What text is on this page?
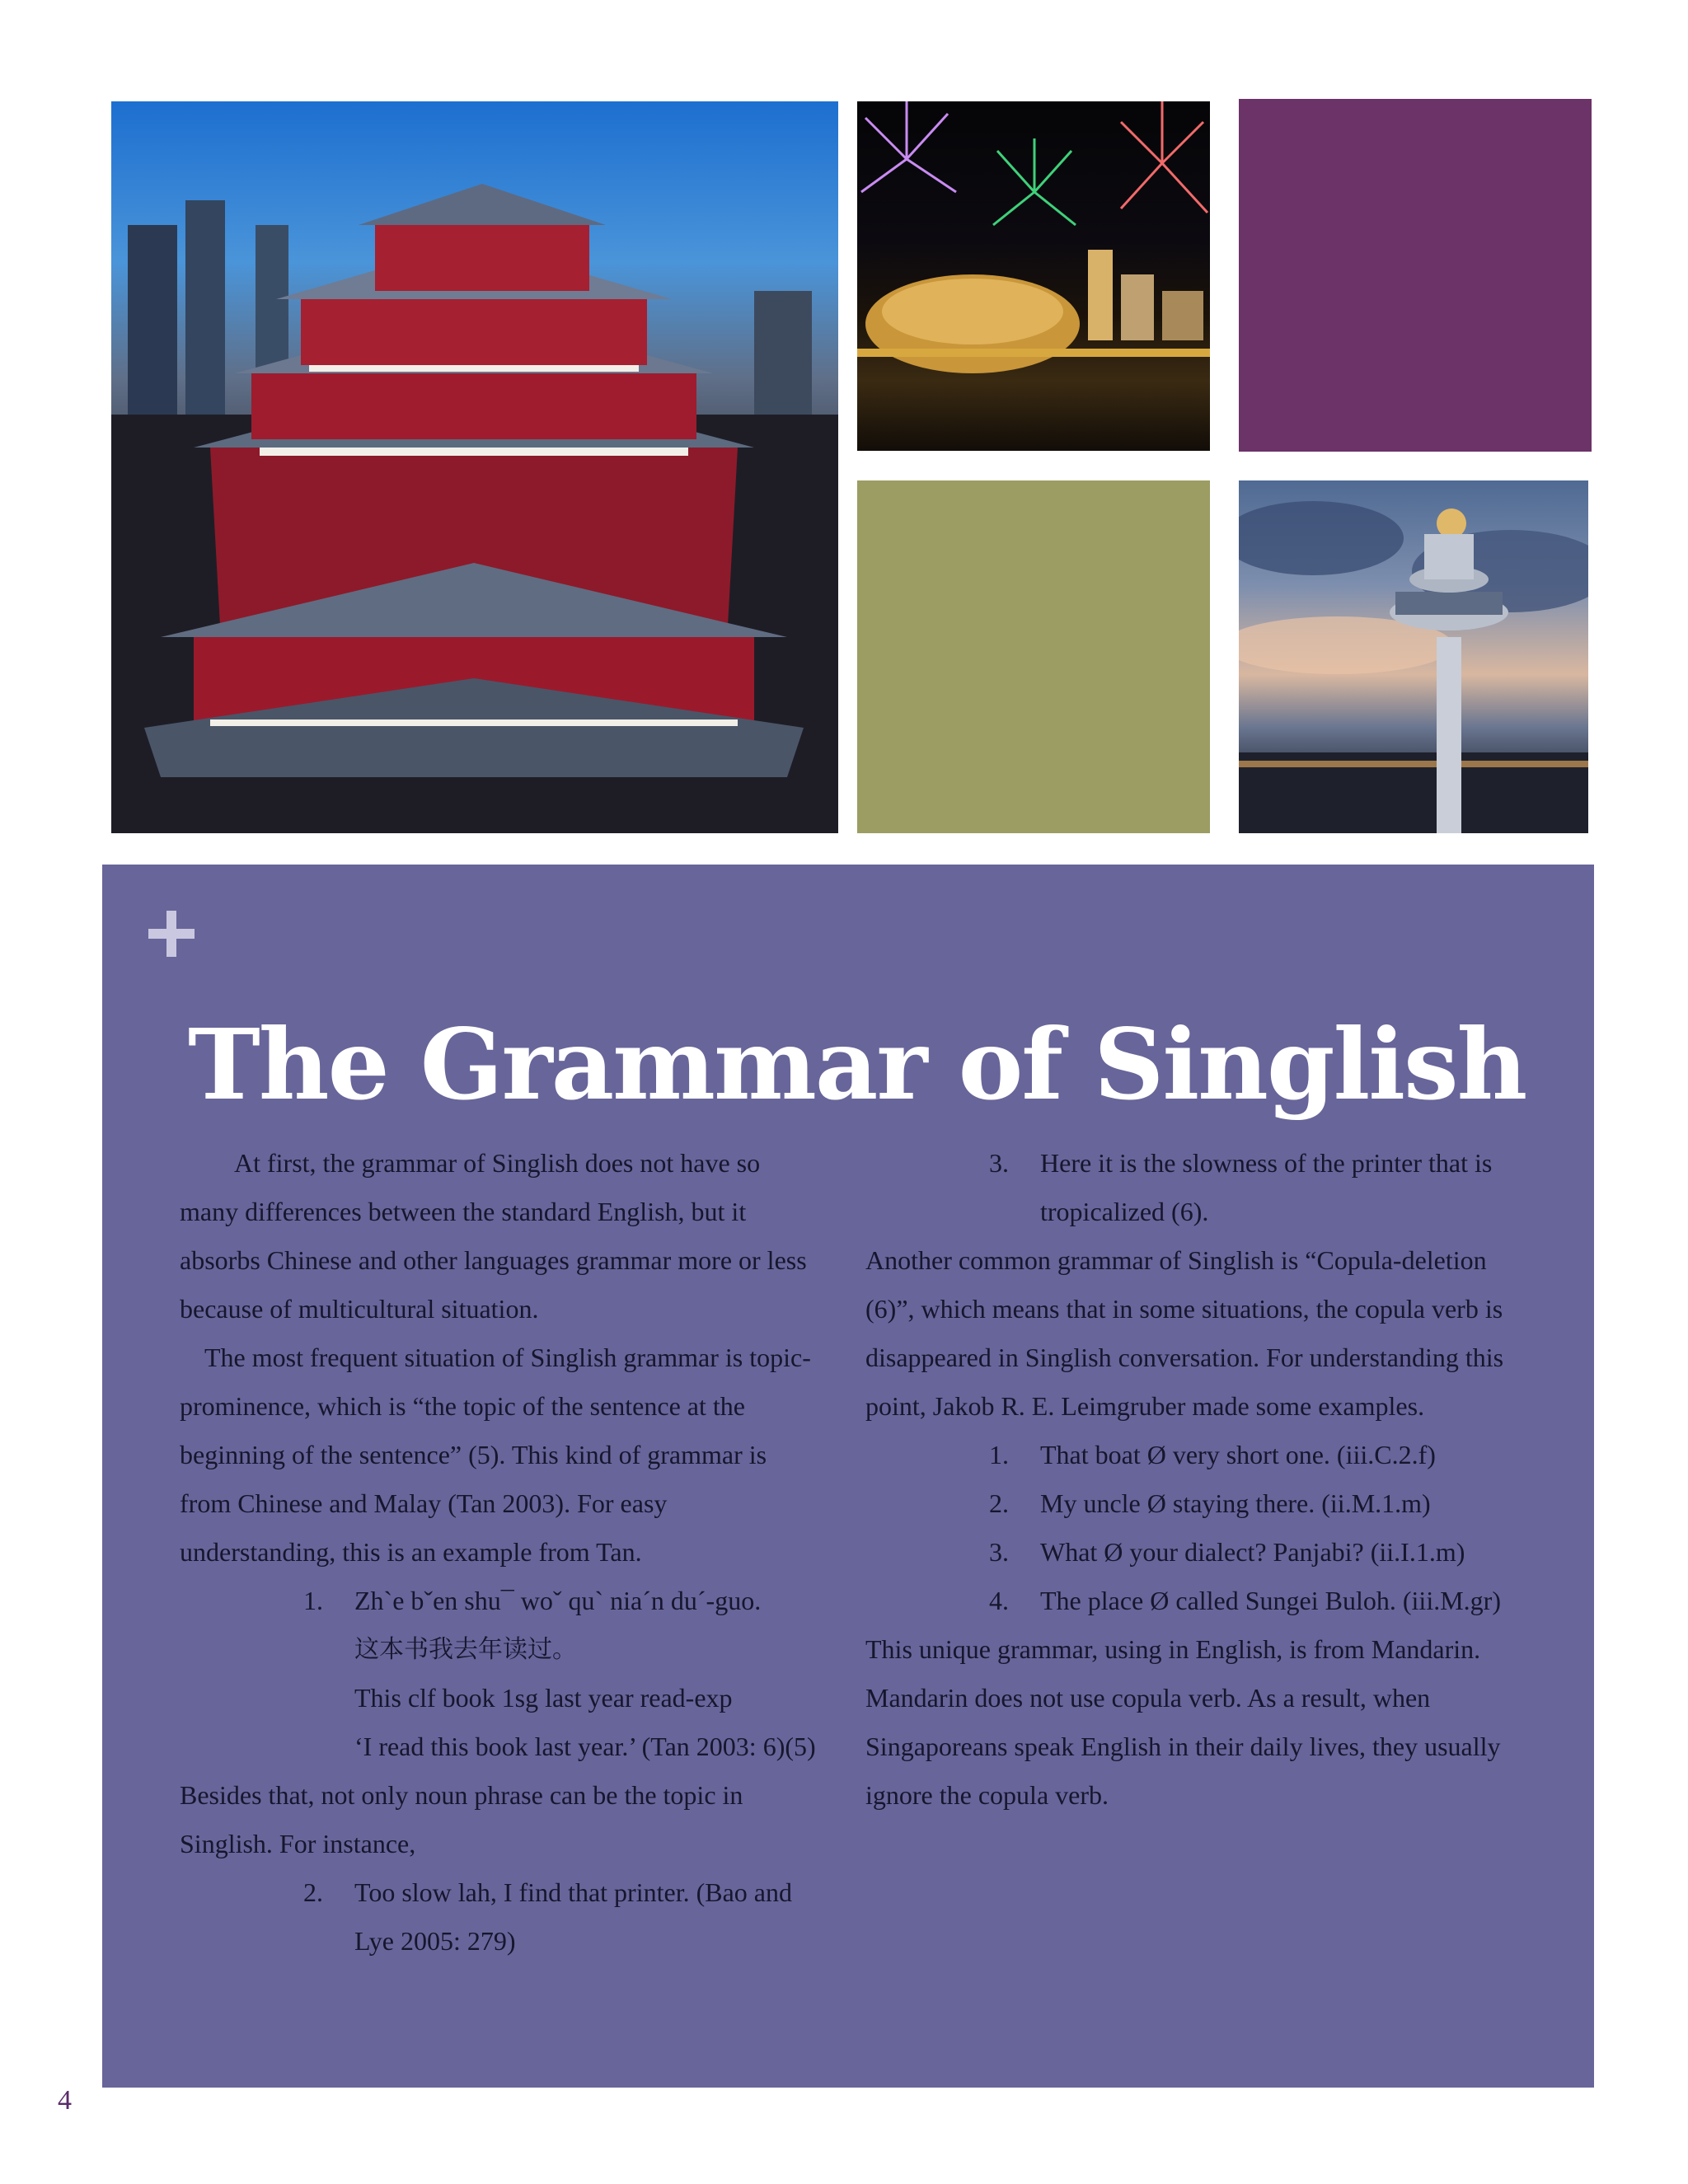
The Grammar of Singlish

At first, the grammar of Singlish does not have so many differences between the standard English, but it absorbs Chinese and other languages grammar more or less because of multicultural situation.

The most frequent situation of Singlish grammar is topic-prominence, which is “the topic of the sentence at the beginning of the sentence” (5). This kind of grammar is from Chinese and Malay (Tan 2003). For easy understanding, this is an example from Tan.

1. Zh`e bˇen shu¯ woˇ qu` nia´n du´-guo.
这本书我去年读过。
This clf book 1sg last year read-exp
‘I read this book last year.’ (Tan 2003: 6)(5)

Besides that, not only noun phrase can be the topic in Singlish. For instance,

2. Too slow lah, I find that printer. (Bao and Lye 2005: 279)
3. Here it is the slowness of the printer that is tropicalized (6).

Another common grammar of Singlish is “Copula-deletion (6)”, which means that in some situations, the copula verb is disappeared in Singlish conversation. For understanding this point, Jakob R. E. Leimgruber made some examples.

1. That boat Ø very short one. (iii.C.2.f)
2. My uncle Ø staying there. (ii.M.1.m)
3. What Ø your dialect? Panjabi? (ii.I.1.m)
4. The place Ø called Sungei Buloh. (iii.M.gr)

This unique grammar, using in English, is from Mandarin. Mandarin does not use copula verb. As a result, when Singaporeans speak English in their daily lives, they usually ignore the copula verb.

4
